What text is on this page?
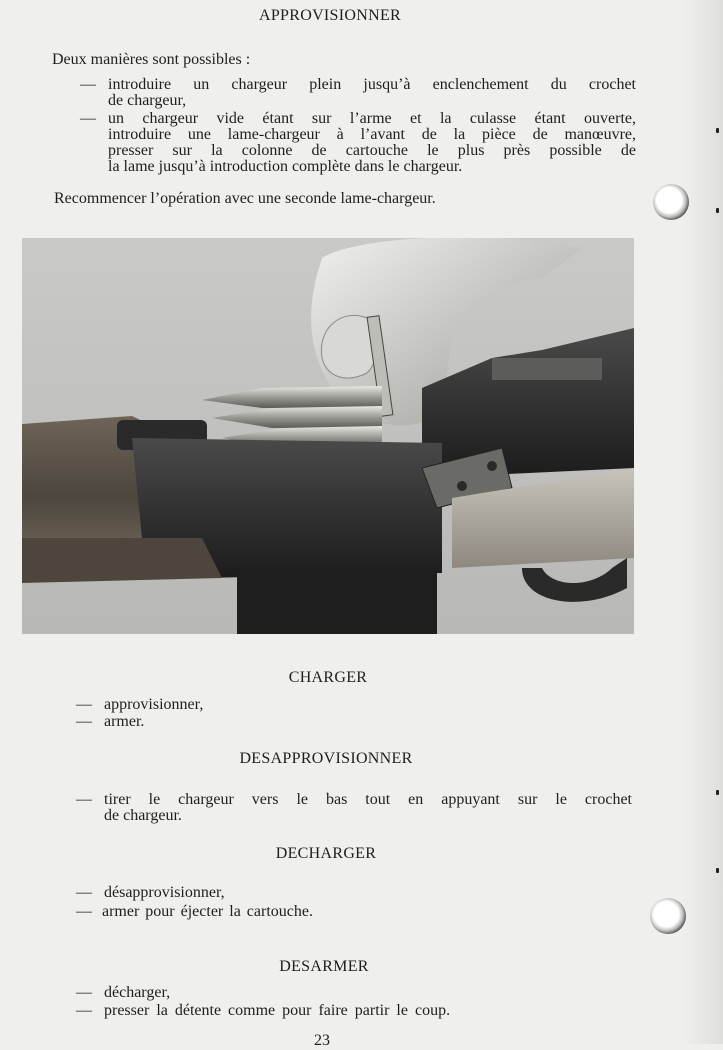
APPROVISIONNER
Deux manières sont possibles :
— introduire un chargeur plein jusqu’à enclenchement du crochet
de chargeur,
— un chargeur vide étant sur l’arme et la culasse étant ouverte,
introduire une lame-chargeur à l’avant de la pièce de manœuvre,
presser sur la colonne de cartouche le plus près possible de
la lame jusqu’à introduction complète dans le chargeur.
Recommencer l’opération avec une seconde lame-chargeur.
CHARGER
— approvisionner,
— armer.
DESAPPROVISIONNER
— tirer le chargeur vers le bas tout en appuyant sur le crochet
de chargeur.
DECHARGER
— désapprovisionner,
— armer pour éjecter la cartouche.
DESARMER
— décharger,
— presser la détente comme pour faire partir le coup.
23
